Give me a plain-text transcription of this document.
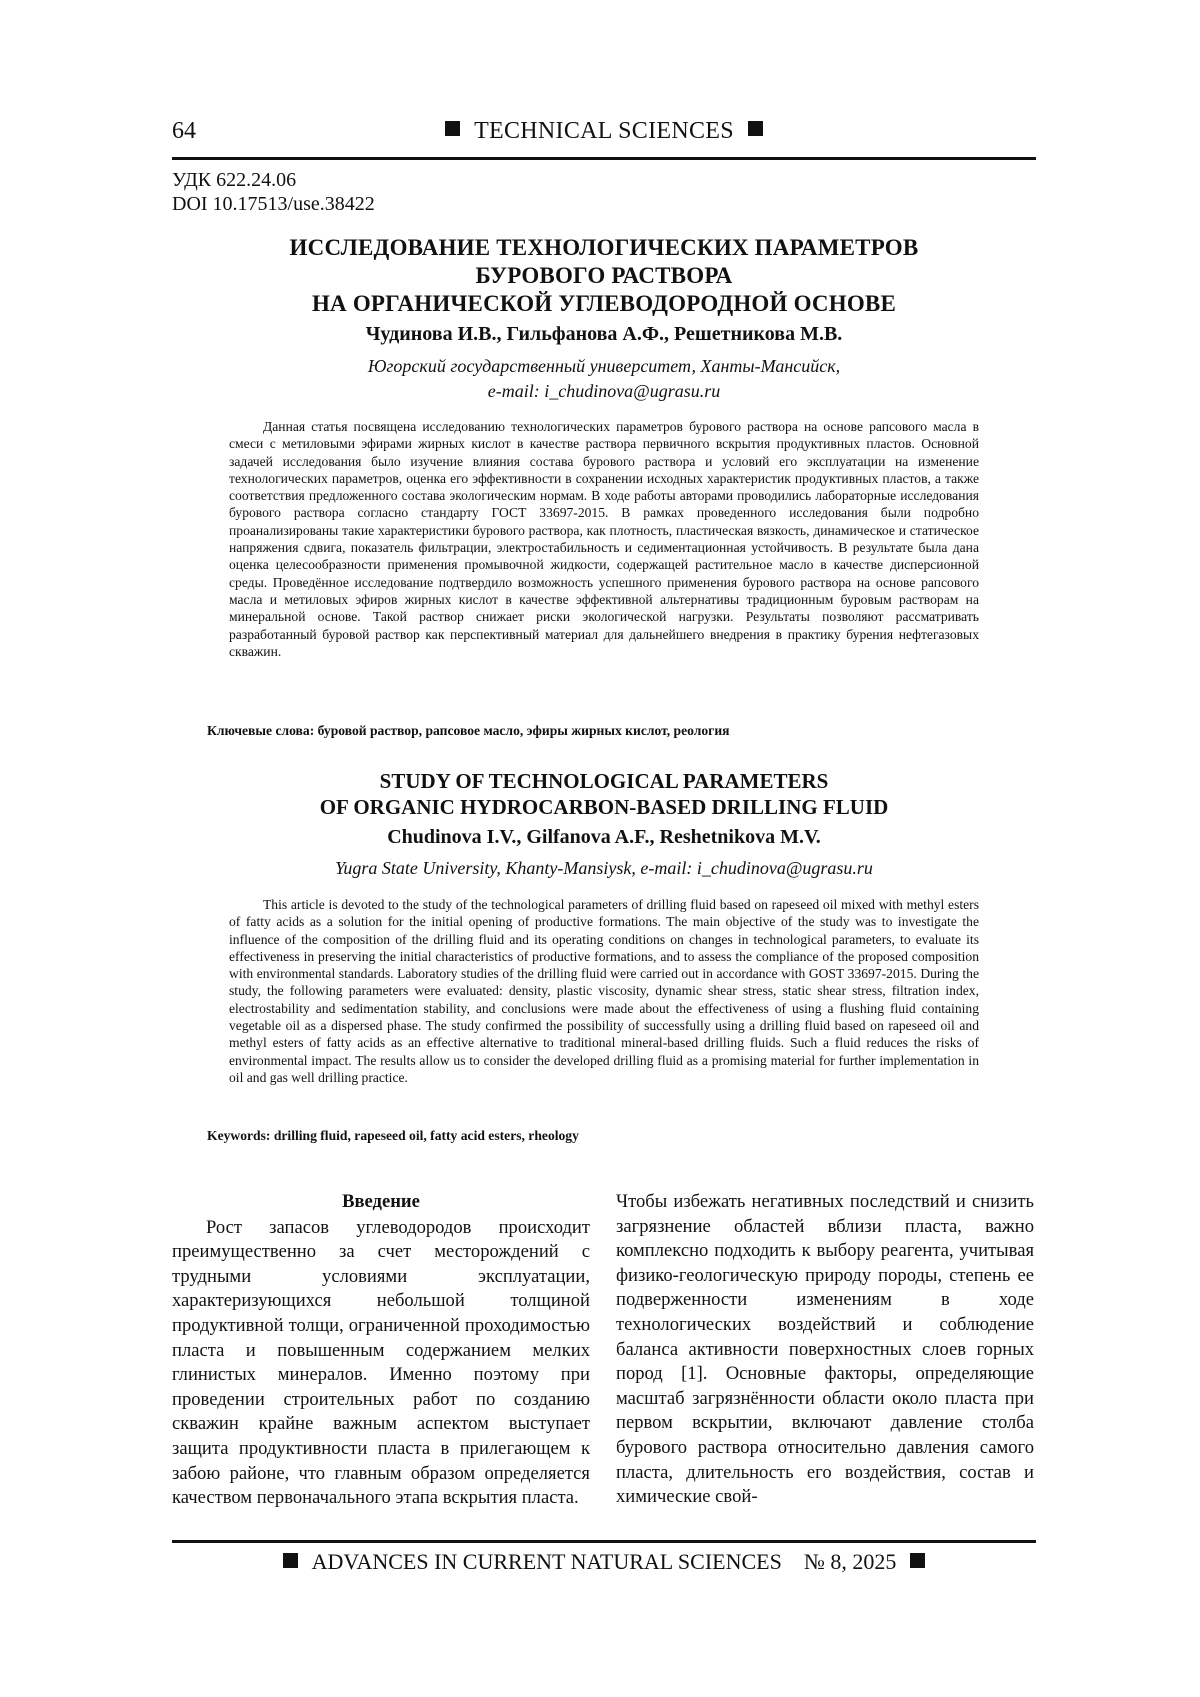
64	TECHNICAL SCIENCES
УДК 622.24.06
DOI 10.17513/use.38422
ИССЛЕДОВАНИЕ ТЕХНОЛОГИЧЕСКИХ ПАРАМЕТРОВ
БУРОВОГО РАСТВОРА
НА ОРГАНИЧЕСКОЙ УГЛЕВОДОРОДНОЙ ОСНОВЕ
Чудинова И.В., Гильфанова А.Ф., Решетникова М.В.
Югорский государственный университет, Ханты-Мансийск,
e-mail: i_chudinova@ugrasu.ru
Данная статья посвящена исследованию технологических параметров бурового раствора на основе рапсового масла в смеси с метиловыми эфирами жирных кислот в качестве раствора первичного вскрытия продуктивных пластов. Основной задачей исследования было изучение влияния состава бурового раствора и условий его эксплуатации на изменение технологических параметров, оценка его эффективности в сохранении исходных характеристик продуктивных пластов, а также соответствия предложенного состава экологическим нормам. В ходе работы авторами проводились лабораторные исследования бурового раствора согласно стандарту ГОСТ 33697-2015. В рамках проведенного исследования были подробно проанализированы такие характеристики бурового раствора, как плотность, пластическая вязкость, динамическое и статическое напряжения сдвига, показатель фильтрации, электростабильность и седиментационная устойчивость. В результате была дана оценка целесообразности применения промывочной жидкости, содержащей растительное масло в качестве дисперсионной среды. Проведённое исследование подтвердило возможность успешного применения бурового раствора на основе рапсового масла и метиловых эфиров жирных кислот в качестве эффективной альтернативы традиционным буровым растворам на минеральной основе. Такой раствор снижает риски экологической нагрузки. Результаты позволяют рассматривать разработанный буровой раствор как перспективный материал для дальнейшего внедрения в практику бурения нефтегазовых скважин.
Ключевые слова: буровой раствор, рапсовое масло, эфиры жирных кислот, реология
STUDY OF TECHNOLOGICAL PARAMETERS
OF ORGANIC HYDROCARBON-BASED DRILLING FLUID
Chudinova I.V., Gilfanova A.F., Reshetnikova M.V.
Yugra State University, Khanty-Mansiysk, e-mail: i_chudinova@ugrasu.ru
This article is devoted to the study of the technological parameters of drilling fluid based on rapeseed oil mixed with methyl esters of fatty acids as a solution for the initial opening of productive formations. The main objective of the study was to investigate the influence of the composition of the drilling fluid and its operating conditions on changes in technological parameters, to evaluate its effectiveness in preserving the initial characteristics of productive formations, and to assess the compliance of the proposed composition with environmental standards. Laboratory studies of the drilling fluid were carried out in accordance with GOST 33697-2015. During the study, the following parameters were evaluated: density, plastic viscosity, dynamic shear stress, static shear stress, filtration index, electrostability and sedimentation stability, and conclusions were made about the effectiveness of using a flushing fluid containing vegetable oil as a dispersed phase. The study confirmed the possibility of successfully using a drilling fluid based on rapeseed oil and methyl esters of fatty acids as an effective alternative to traditional mineral-based drilling fluids. Such a fluid reduces the risks of environmental impact. The results allow us to consider the developed drilling fluid as a promising material for further implementation in oil and gas well drilling practice.
Keywords: drilling fluid, rapeseed oil, fatty acid esters, rheology
Введение

Рост запасов углеводородов происходит преимущественно за счет месторождений с трудными условиями эксплуатации, характеризующихся небольшой толщиной продуктивной толщи, ограниченной проходимостью пласта и повышенным содержанием мелких глинистых минералов. Именно поэтому при проведении строительных работ по созданию скважин крайне важным аспектом выступает защита продуктивности пласта в прилегающем к забою районе, что главным образом определяется качеством первоначального этапа вскрытия пласта.

Чтобы избежать негативных последствий и снизить загрязнение областей вблизи пласта, важно комплексно подходить к выбору реагента, учитывая физико-геологическую природу породы, степень ее подверженности изменениям в ходе технологических воздействий и соблюдение баланса активности поверхностных слоев горных пород [1]. Основные факторы, определяющие масштаб загрязнённости области около пласта при первом вскрытии, включают давление столба бурового раствора относительно давления самого пласта, длительность его воздействия, состав и химические свой-

ADVANCES IN CURRENT NATURAL SCIENCES № 8, 2025
